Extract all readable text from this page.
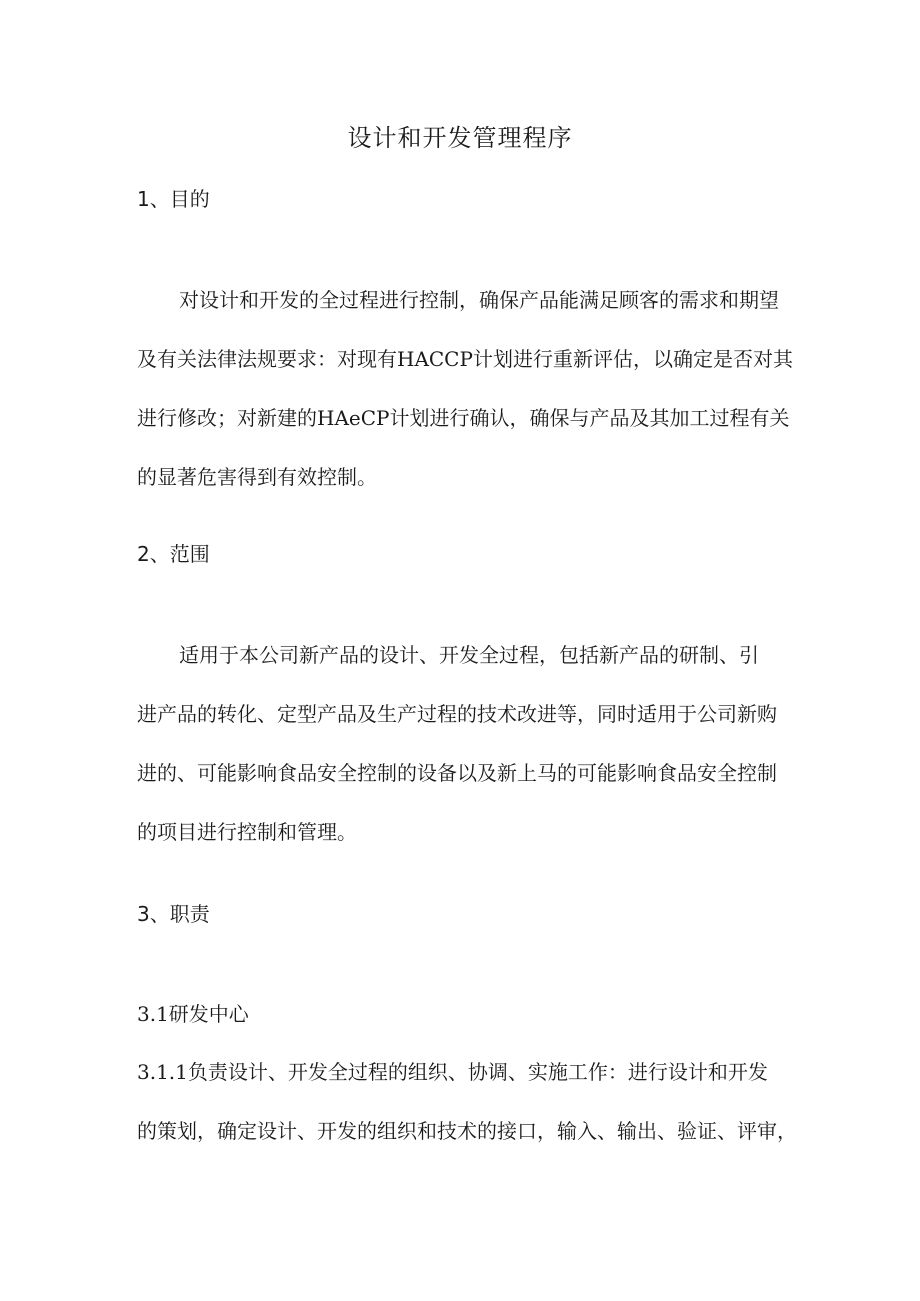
设计和开发管理程序
1、目的
对设计和开发的全过程进行控制，确保产品能满足顾客的需求和期望
及有关法律法规要求：对现有HACCP计划进行重新评估，以确定是否对其
进行修改；对新建的HAeCP计划进行确认，确保与产品及其加工过程有关
的显著危害得到有效控制。
2、范围
适用于本公司新产品的设计、开发全过程，包括新产品的研制、引
进产品的转化、定型产品及生产过程的技术改进等，同时适用于公司新购
进的、可能影响食品安全控制的设备以及新上马的可能影响食品安全控制
的项目进行控制和管理。
3、职责
3.1研发中心
3.1.1负责设计、开发全过程的组织、协调、实施工作：进行设计和开发
的策划，确定设计、开发的组织和技术的接口，输入、输出、验证、评审，
